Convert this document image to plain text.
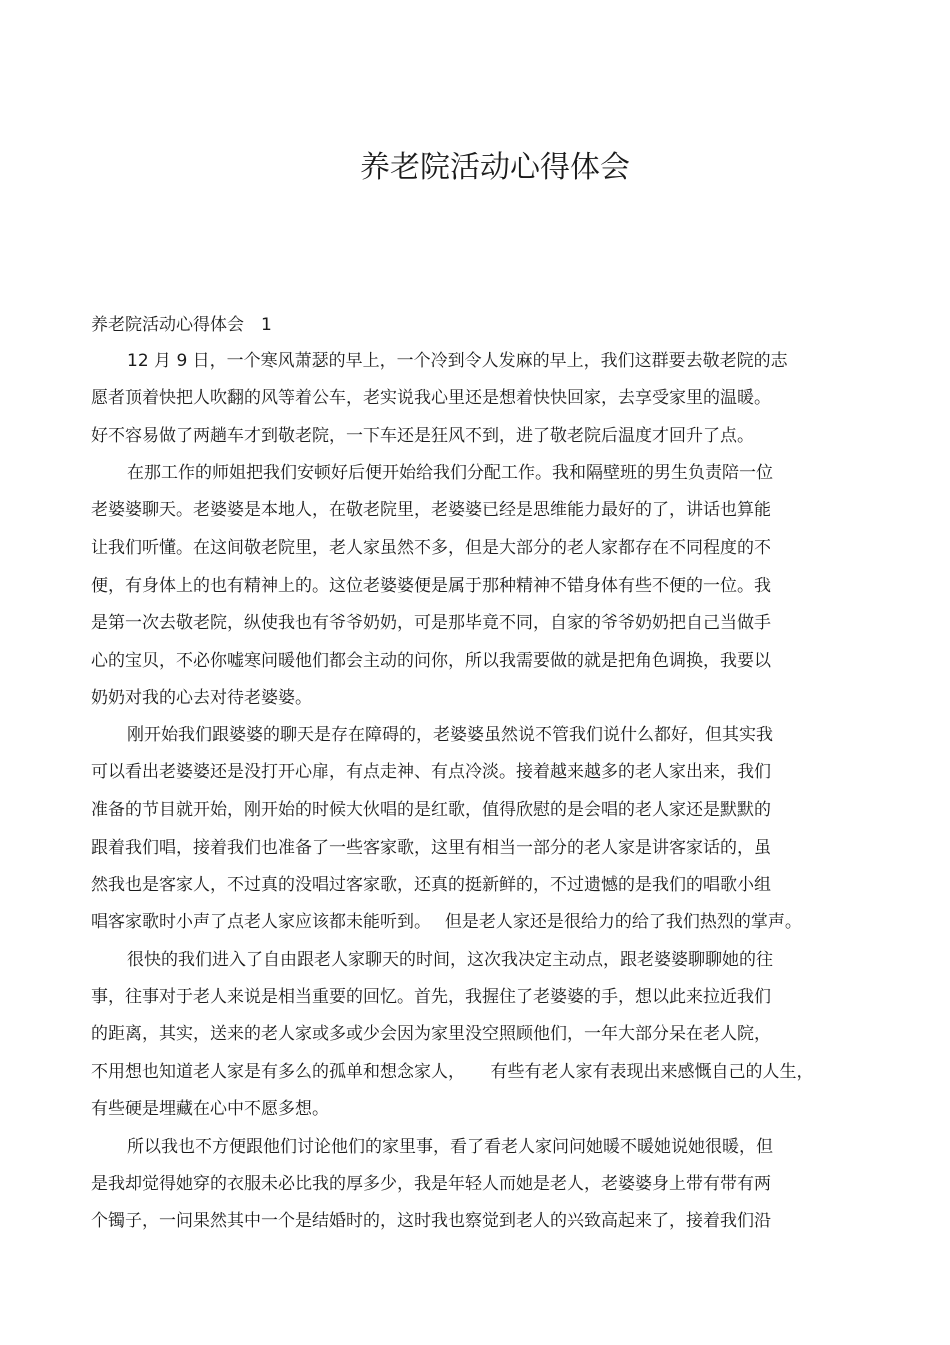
养老院活动心得体会
养老院活动心得体会　1
12 月 9 日，一个寒风萧瑟的早上，一个冷到令人发麻的早上，我们这群要去敬老院的志
愿者顶着快把人吹翻的风等着公车，老实说我心里还是想着快快回家，去享受家里的温暖。
好不容易做了两趟车才到敬老院，一下车还是狂风不到，进了敬老院后温度才回升了点。
在那工作的师姐把我们安顿好后便开始给我们分配工作。我和隔壁班的男生负责陪一位
老婆婆聊天。老婆婆是本地人，在敬老院里，老婆婆已经是思维能力最好的了，讲话也算能
让我们听懂。在这间敬老院里，老人家虽然不多，但是大部分的老人家都存在不同程度的不
便，有身体上的也有精神上的。这位老婆婆便是属于那种精神不错身体有些不便的一位。我
是第一次去敬老院，纵使我也有爷爷奶奶，可是那毕竟不同，自家的爷爷奶奶把自己当做手
心的宝贝，不必你嘘寒问暖他们都会主动的问你，所以我需要做的就是把角色调换，我要以
奶奶对我的心去对待老婆婆。
刚开始我们跟婆婆的聊天是存在障碍的，老婆婆虽然说不管我们说什么都好，但其实我
可以看出老婆婆还是没打开心扉，有点走神、有点冷淡。接着越来越多的老人家出来，我们
准备的节目就开始，刚开始的时候大伙唱的是红歌，值得欣慰的是会唱的老人家还是默默的
跟着我们唱，接着我们也准备了一些客家歌，这里有相当一部分的老人家是讲客家话的，虽
然我也是客家人，不过真的没唱过客家歌，还真的挺新鲜的，不过遗憾的是我们的唱歌小组
唱客家歌时小声了点老人家应该都未能听到。　 但是老人家还是很给力的给了我们热烈的掌声。
很快的我们进入了自由跟老人家聊天的时间，这次我决定主动点，跟老婆婆聊聊她的往
事，往事对于老人来说是相当重要的回忆。首先，我握住了老婆婆的手，想以此来拉近我们
的距离，其实，送来的老人家或多或少会因为家里没空照顾他们，一年大部分呆在老人院，
不用想也知道老人家是有多么的孤单和想念家人，　　有些有老人家有表现出来感慨自己的人生，
有些硬是埋藏在心中不愿多想。
所以我也不方便跟他们讨论他们的家里事，看了看老人家问问她暖不暖她说她很暖，但
是我却觉得她穿的衣服未必比我的厚多少，我是年轻人而她是老人，老婆婆身上带有带有两
个镯子，一问果然其中一个是结婚时的，这时我也察觉到老人的兴致高起来了，接着我们沿
